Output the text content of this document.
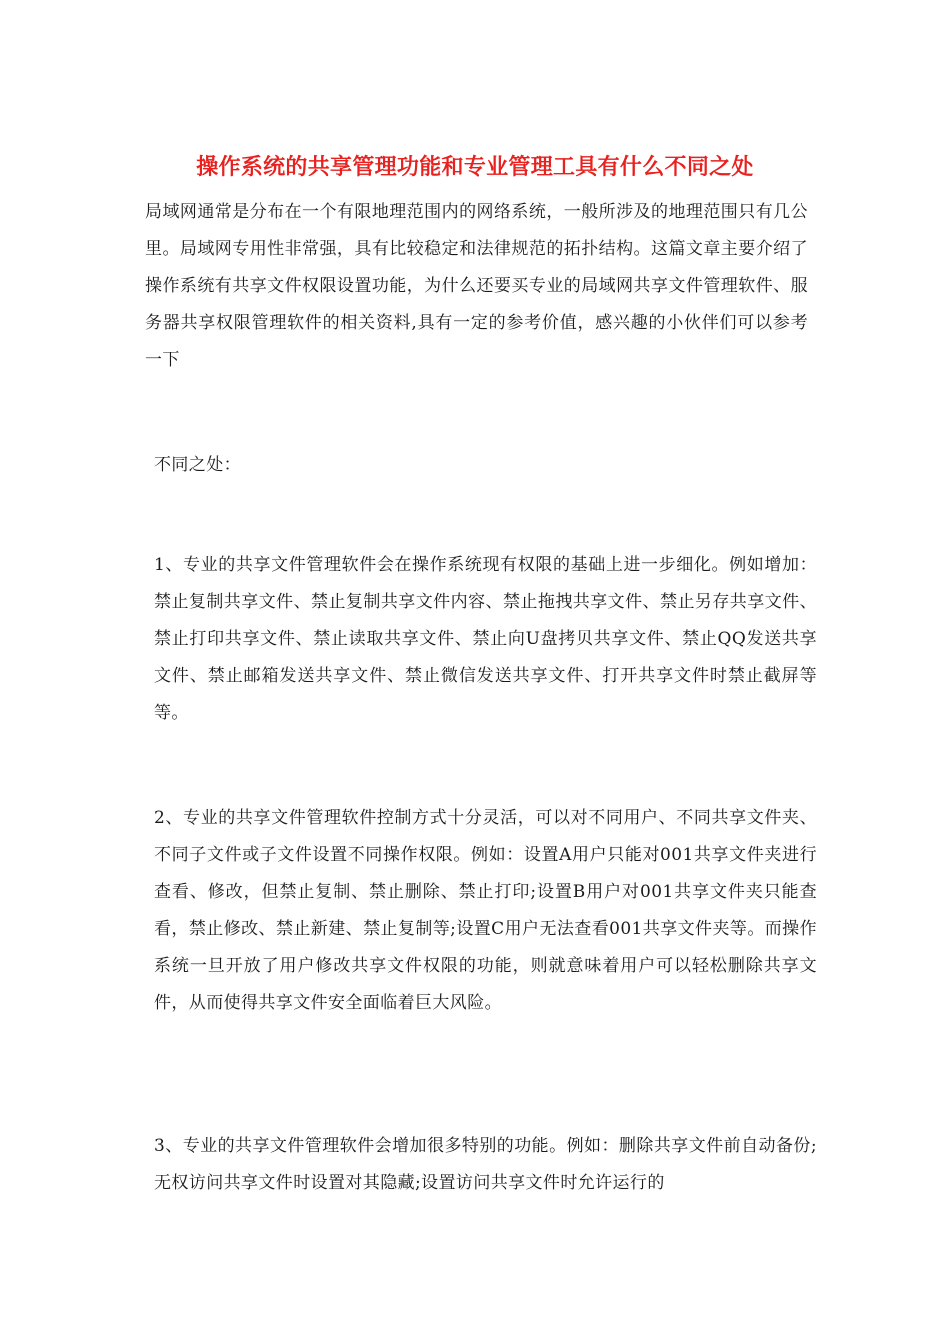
操作系统的共享管理功能和专业管理工具有什么不同之处

局域网通常是分布在一个有限地理范围内的网络系统，一般所涉及的地理范围只有几公里。局域网专用性非常强，具有比较稳定和法律规范的拓扑结构。这篇文章主要介绍了操作系统有共享文件权限设置功能，为什么还要买专业的局域网共享文件管理软件、服务器共享权限管理软件的相关资料,具有一定的参考价值，感兴趣的小伙伴们可以参考一下

不同之处：

1、专业的共享文件管理软件会在操作系统现有权限的基础上进一步细化。例如增加：禁止复制共享文件、禁止复制共享文件内容、禁止拖拽共享文件、禁止另存共享文件、禁止打印共享文件、禁止读取共享文件、禁止向U盘拷贝共享文件、禁止QQ发送共享文件、禁止邮箱发送共享文件、禁止微信发送共享文件、打开共享文件时禁止截屏等等。

2、专业的共享文件管理软件控制方式十分灵活，可以对不同用户、不同共享文件夹、不同子文件或子文件设置不同操作权限。例如：设置A用户只能对001共享文件夹进行查看、修改，但禁止复制、禁止删除、禁止打印;设置B用户对001共享文件夹只能查看，禁止修改、禁止新建、禁止复制等;设置C用户无法查看001共享文件夹等。而操作系统一旦开放了用户修改共享文件权限的功能，则就意味着用户可以轻松删除共享文件，从而使得共享文件安全面临着巨大风险。

3、专业的共享文件管理软件会增加很多特别的功能。例如：删除共享文件前自动备份;无权访问共享文件时设置对其隐藏;设置访问共享文件时允许运行的
